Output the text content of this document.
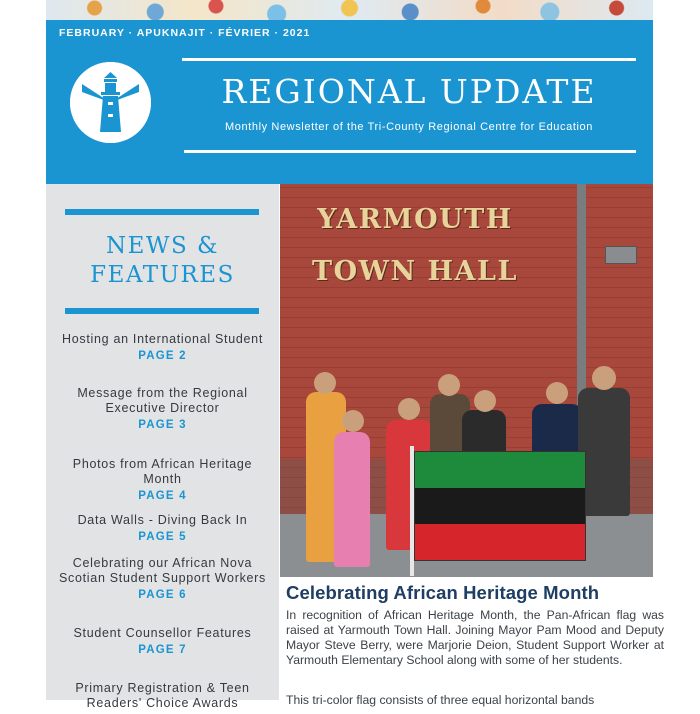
FEBRUARY · APUKNAJIT · FÉVRIER · 2021
REGIONAL UPDATE
Monthly Newsletter of the Tri-County Regional Centre for Education
NEWS &
FEATURES
Hosting an International Student
PAGE 2
Message from the Regional Executive Director
PAGE 3
Photos from African Heritage Month
PAGE 4
Data Walls - Diving Back In
PAGE 5
Celebrating our African Nova Scotian Student Support Workers
PAGE 6
Student Counsellor Features
PAGE 7
Primary Registration & Teen Readers' Choice Awards
YARMOUTH
TOWN HALL
Celebrating African Heritage Month
In recognition of African Heritage Month, the Pan-African flag was raised at Yarmouth Town Hall. Joining Mayor Pam Mood and Deputy Mayor Steve Berry, were Marjorie Deion, Student Support Worker at Yarmouth Elementary School along with some of her students.
This tri-color flag consists of three equal horizontal bands
